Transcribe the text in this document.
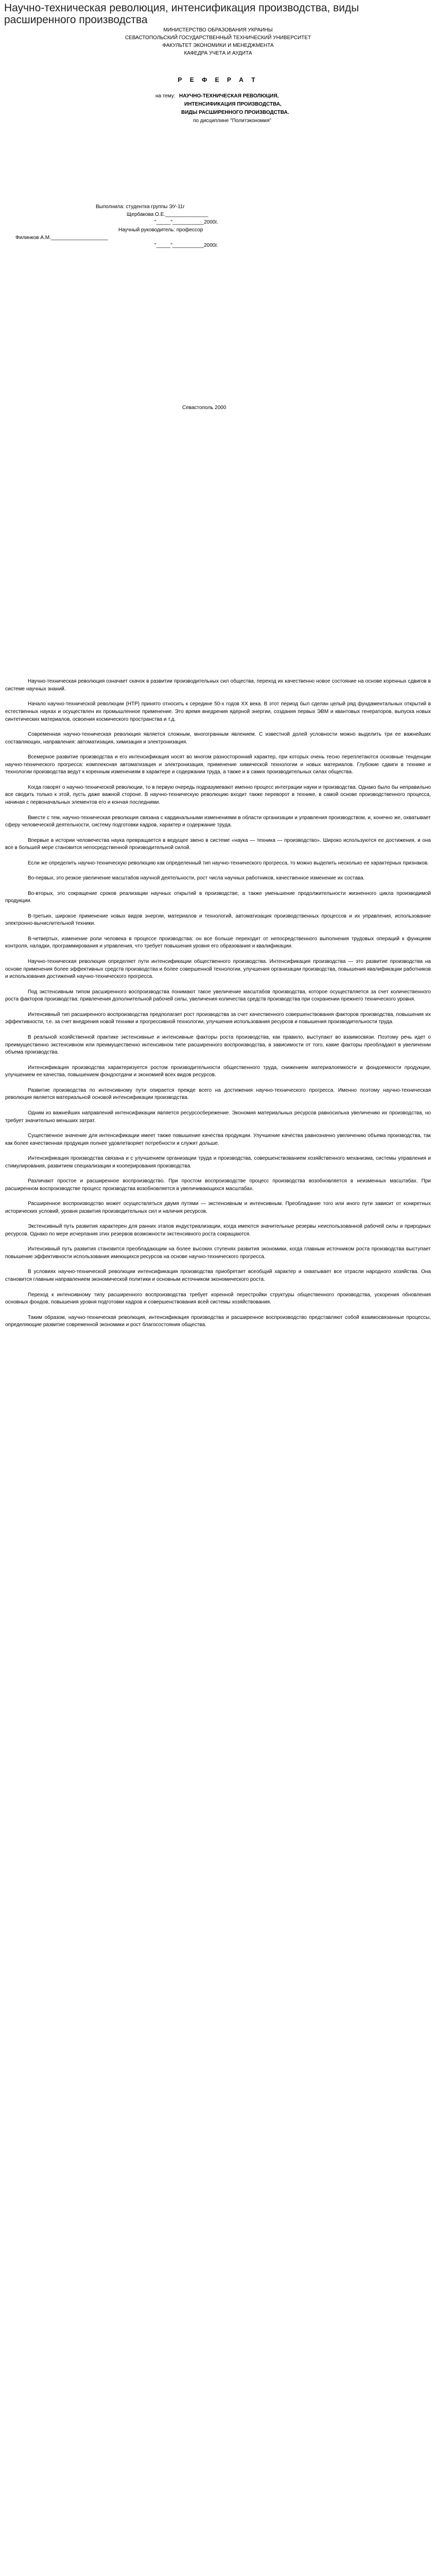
Научно-техническая революция, интенсификация производства, виды расширенного производства
МИНИСТЕРСТВО ОБРАЗОВАНИЯ УКРАИНЫ
СЕВАСТОПОЛЬСКИЙ ГОСУДАРСТВЕННЫЙ ТЕХНИЧЕСКИЙ УНИВЕРСИТЕТ
ФАКУЛЬТЕТ ЭКОНОМИКИ И МЕНЕДЖМЕНТА
КАФЕДРА УЧЕТА И АУДИТА
Р Е Ф Е Р А Т
на тему: НАУЧНО-ТЕХНИЧЕСКАЯ РЕВОЛЮЦИЯ,
ИНТЕНСИФИКАЦИЯ ПРОИЗВОДСТВА,
ВИДЫ РАСШИРЕННОГО ПРОИЗВОДСТВА.
по дисциплине "Политэкономия"
Выполнила: студентка группы ЭУ-11г
Щербакова О.Е._______________
"_____"___________2000г.
Научный руководитель: профессор
Филинков А.М.____________________
"_____"___________2000г.
Севастополь 2000

Научно-техническая революция означает скачок в развитии производительных сил общества, переход их качественно новое состояние на основе коренных сдвигов в системе научных знаний.

Начало научно-технической революции (НТР) принято относить к середине 50-х годов XX века. В этот период был сделан целый ряд фундаментальных открытий в естественных науках и осуществлен их промышленное применение. Это время внедрения ядерной энергии, создания первых ЭВМ и квантовых генераторов, выпуска новых синтетических материалов, освоения космического пространства и т.д.

Современная научно-техническая революция является сложным, многогранным явлением. С известной долей условности можно выделить три ее важнейших составляющих, направления: автоматизация, химизация и электронизация.

Всемерное развитие производства и его интенсификация носят во многом разносторонний характер, при которых очень тесно переплетаются основные тенденции научно-технического прогресса: комплексная автоматизация и электронизация, применение химической технологии и новых материалов. Глубокие сдвиги в технике и технологии производства ведут к коренным изменениям в характере и содержании труда, а также и в самих производительных силах общества.

Когда говорят о научно-технической революции, то в первую очередь подразумевают именно процесс интеграции науки и производства. Однако было бы неправильно все сводить только к этой, пусть даже важной стороне. В научно-техническую революцию входит также переворот в технике, в самой основе производственного процесса, начиная с первоначальных элементов его и кончая последними.

Вместе с тем, научно-техническая революция связана с кардинальными изменениями в области организации и управления производством, и, конечно же, охватывает сферу человеческой деятельности, систему подготовки кадров, характер и содержание труда.

Впервые в истории человечества наука превращается в ведущее звено в системе «наука — техника — производство». Широко используются ее достижения, и она все в большей мере становится непосредственной производительной силой.

Если же определить научно-техническую революцию как определенный тип научно-технического прогресса, то можно выделить несколько ее характерных признаков.

Во-первых, это резкое увеличение масштабов научной деятельности, рост числа научных работников, качественное изменение их состава.

Во-вторых, это сокращение сроков реализации научных открытий в производстве, а также уменьшение продолжительности жизненного цикла производимой продукции.

В-третьих, широкое применение новых видов энергии, материалов и технологий, автоматизация производственных процессов и их управления, использование электронно-вычислительной техники.

В-четвертых, изменение роли человека в процессе производства: он все больше переходит от непосредственного выполнения трудовых операций к функциям контроля, наладки, программирования и управления, что требует повышения уровня его образования и квалификации.

Научно-техническая революция определяет пути интенсификации общественного производства. Интенсификация производства — это развитие производства на основе применения более эффективных средств производства и более совершенной технологии, улучшения организации производства, повышения квалификации работников и использования достижений научно-технического прогресса.

Под экстенсивным типом расширенного воспроизводства понимают такое увеличение масштабов производства, которое осуществляется за счет количественного роста факторов производства: привлечения дополнительной рабочей силы, увеличения количества средств производства при сохранении прежнего технического уровня.

Интенсивный тип расширенного воспроизводства предполагает рост производства за счет качественного совершенствования факторов производства, повышения их эффективности, т.е. за счет внедрения новой техники и прогрессивной технологии, улучшения использования ресурсов и повышения производительности труда.

В реальной хозяйственной практике экстенсивные и интенсивные факторы роста производства, как правило, выступают во взаимосвязи. Поэтому речь идет о преимущественно экстенсивном или преимущественно интенсивном типе расширенного воспроизводства, в зависимости от того, какие факторы преобладают в увеличении объема производства.

Интенсификация производства характеризуется ростом производительности общественного труда, снижением материалоемкости и фондоемкости продукции, улучшением ее качества, повышением фондоотдачи и экономией всех видов ресурсов.

Развитие производства по интенсивному пути опирается прежде всего на достижения научно-технического прогресса. Именно поэтому научно-техническая революция является материальной основой интенсификации производства.

Одним из важнейших направлений интенсификации является ресурсосбережение. Экономия материальных ресурсов равносильна увеличению их производства, но требует значительно меньших затрат.

Существенное значение для интенсификации имеет также повышение качества продукции. Улучшение качества равнозначно увеличению объема производства, так как более качественная продукция полнее удовлетворяет потребности и служит дольше.

Интенсификация производства связана и с улучшением организации труда и производства, совершенствованием хозяйственного механизма, системы управления и стимулирования, развитием специализации и кооперирования производства.

Различают простое и расширенное воспроизводство. При простом воспроизводстве процесс производства возобновляется в неизменных масштабах. При расширенном воспроизводстве процесс производства возобновляется в увеличивающихся масштабах.

Расширенное воспроизводство может осуществляться двумя путями — экстенсивным и интенсивным. Преобладание того или иного пути зависит от конкретных исторических условий, уровня развития производительных сил и наличия ресурсов.

Экстенсивный путь развития характерен для ранних этапов индустриализации, когда имеются значительные резервы неиспользованной рабочей силы и природных ресурсов. Однако по мере исчерпания этих резервов возможности экстенсивного роста сокращаются.

Интенсивный путь развития становится преобладающим на более высоких ступенях развития экономики, когда главным источником роста производства выступает повышение эффективности использования имеющихся ресурсов на основе научно-технического прогресса.

В условиях научно-технической революции интенсификация производства приобретает всеобщий характер и охватывает все отрасли народного хозяйства. Она становится главным направлением экономической политики и основным источником экономического роста.

Переход к интенсивному типу расширенного воспроизводства требует коренной перестройки структуры общественного производства, ускорения обновления основных фондов, повышения уровня подготовки кадров и совершенствования всей системы хозяйствования.

Таким образом, научно-техническая революция, интенсификация производства и расширенное воспроизводство представляют собой взаимосвязанные процессы, определяющие развитие современной экономики и рост благосостояния общества.
